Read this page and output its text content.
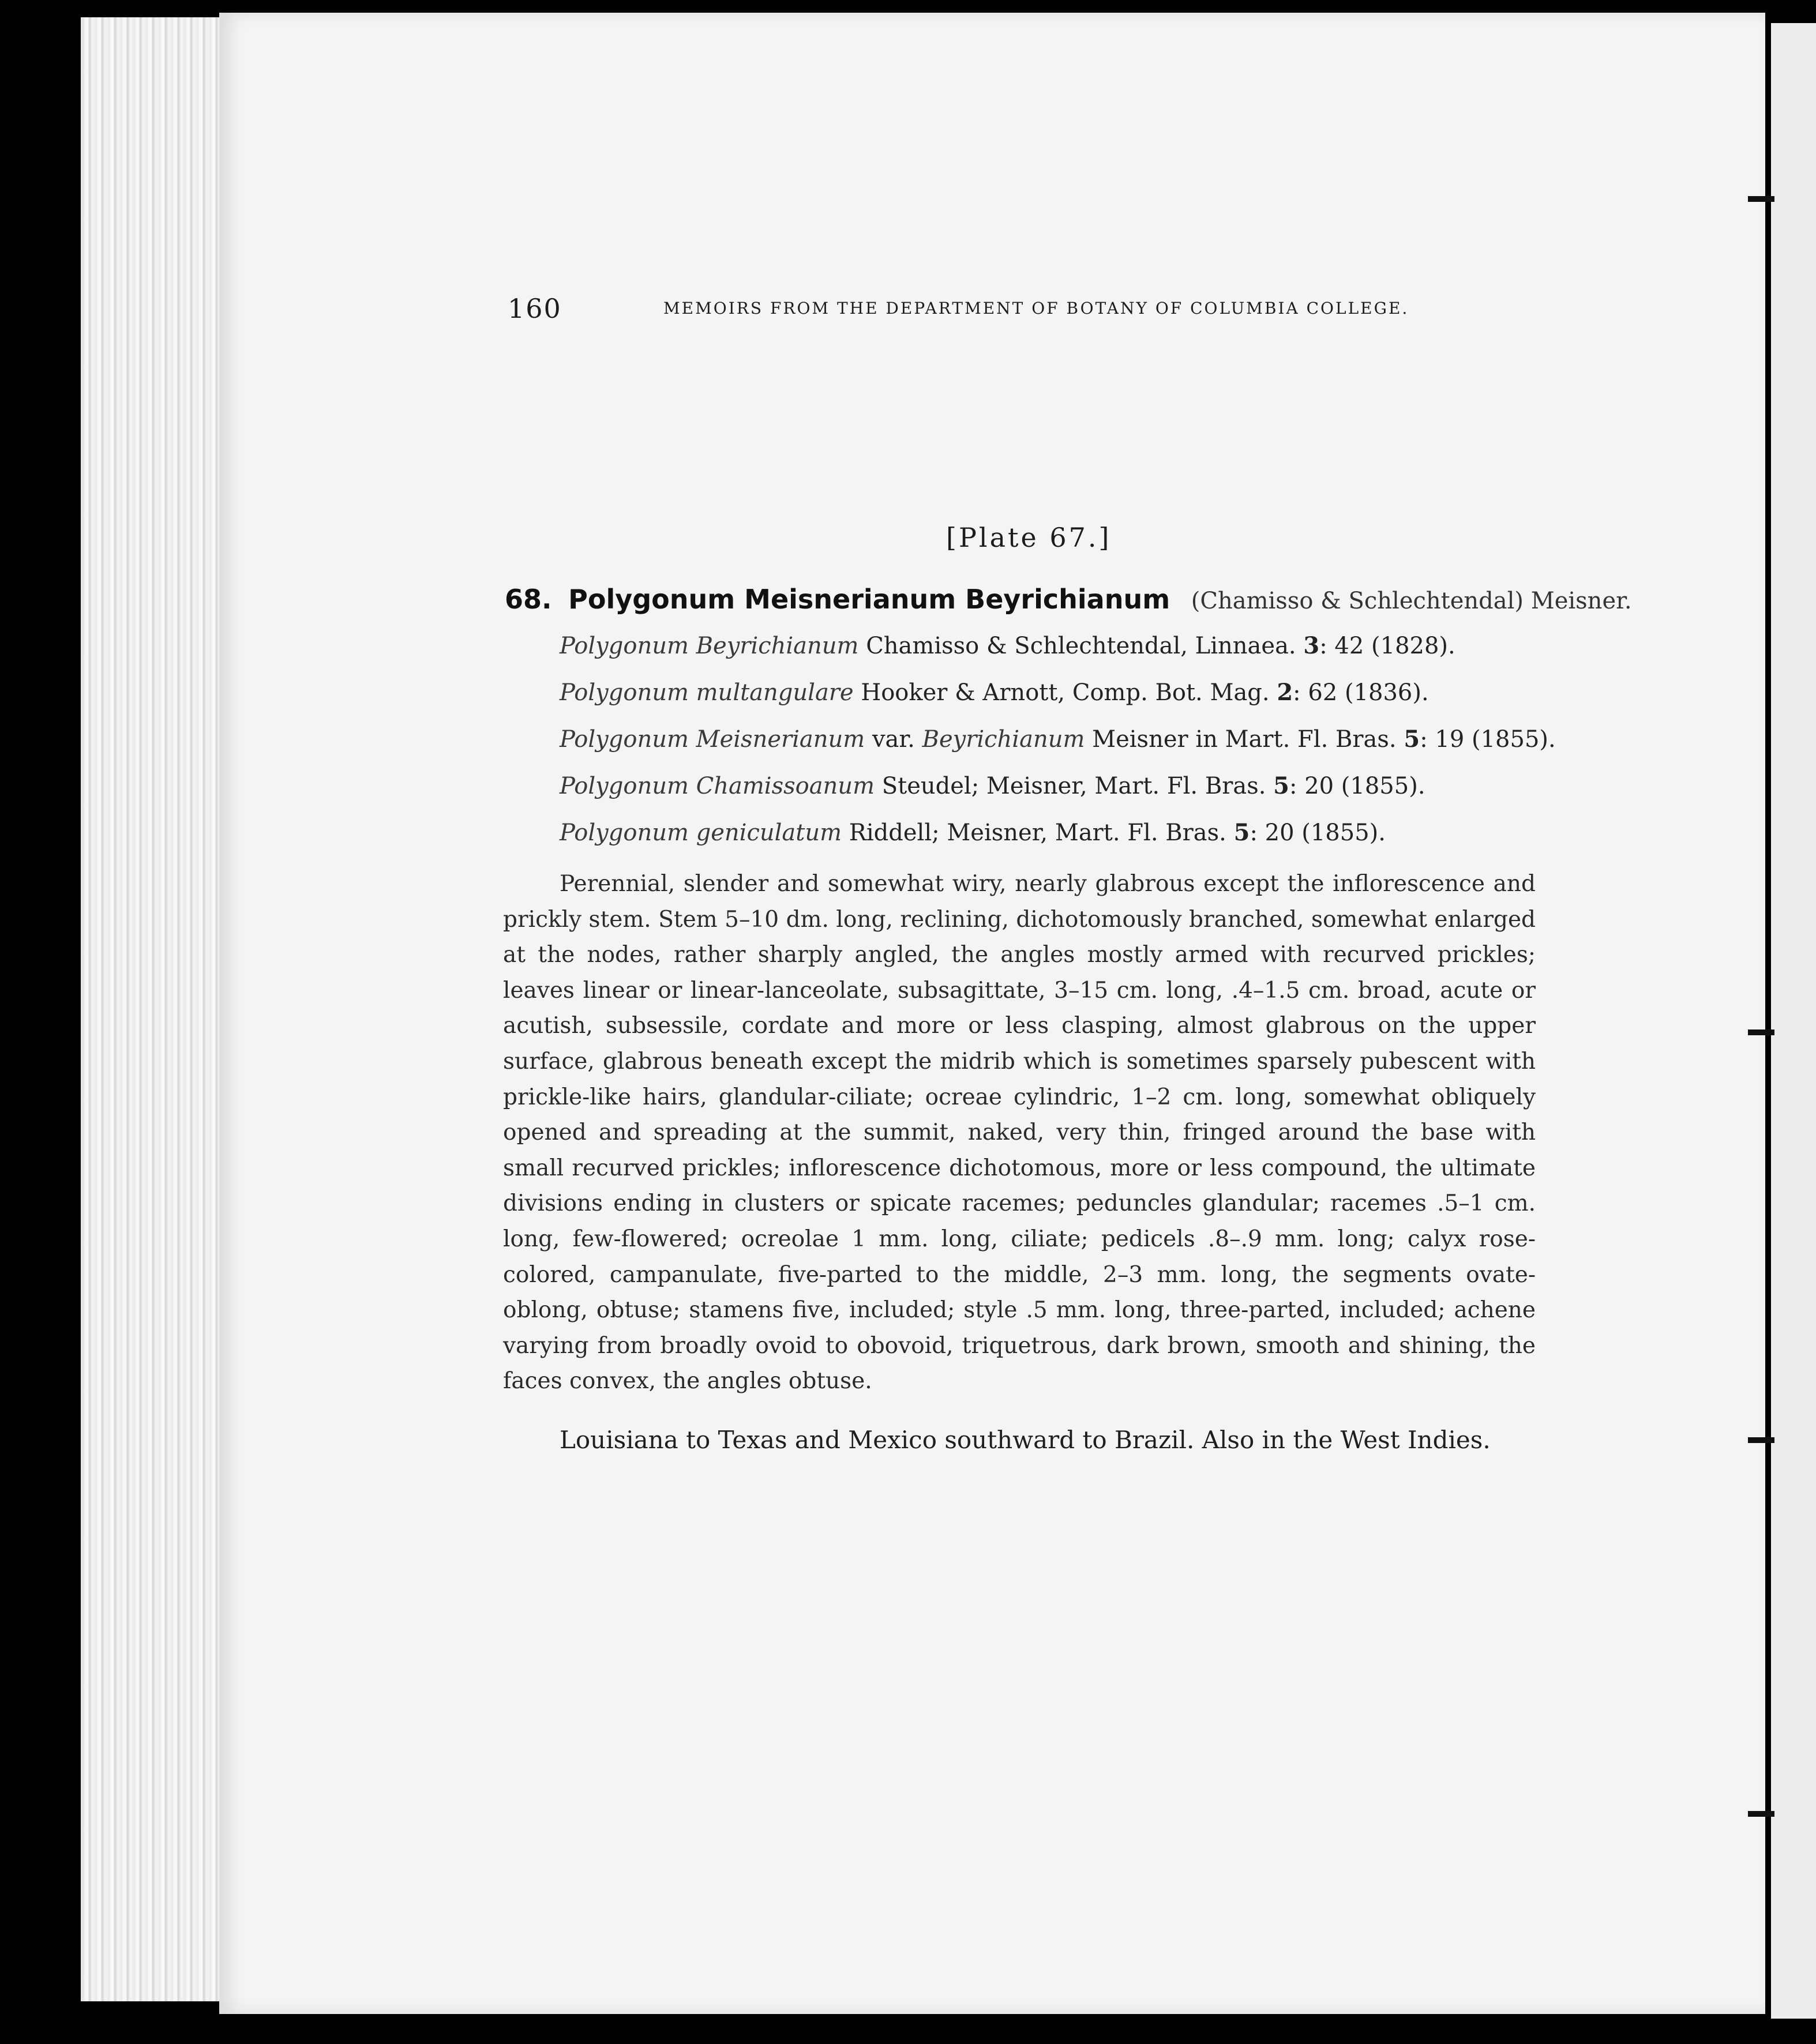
160	MEMOIRS FROM THE DEPARTMENT OF BOTANY OF COLUMBIA COLLEGE.
[Plate 67.]
68. Polygonum Meisnerianum Beyrichianum (Chamisso & Schlechtendal) Meisner.
Polygonum Beyrichianum Chamisso & Schlechtendal, Linnaea. 3: 42 (1828).
Polygonum multangulare Hooker & Arnott, Comp. Bot. Mag. 2: 62 (1836).
Polygonum Meisnerianum var. Beyrichianum Meisner in Mart. Fl. Bras. 5: 19 (1855).
Polygonum Chamissoanum Steudel; Meisner, Mart. Fl. Bras. 5: 20 (1855).
Polygonum geniculatum Riddell; Meisner, Mart. Fl. Bras. 5: 20 (1855).

Perennial, slender and somewhat wiry, nearly glabrous except the inflorescence and prickly stem. Stem 5–10 dm. long, reclining, dichotomously branched, somewhat enlarged at the nodes, rather sharply angled, the angles mostly armed with recurved prickles; leaves linear or linear-lanceolate, subsagittate, 3–15 cm. long, .4–1.5 cm. broad, acute or acutish, subsessile, cordate and more or less clasping, almost glabrous on the upper surface, glabrous beneath except the midrib which is sometimes sparsely pubescent with prickle-like hairs, glandular-ciliate; ocreae cylindric, 1–2 cm. long, somewhat obliquely opened and spreading at the summit, naked, very thin, fringed around the base with small recurved prickles; inflorescence dichotomous, more or less compound, the ultimate divisions ending in clusters or spicate racemes; peduncles glandular; racemes .5–1 cm. long, few-flowered; ocreolae 1 mm. long, ciliate; pedicels .8–.9 mm. long; calyx rose-colored, campanulate, five-parted to the middle, 2–3 mm. long, the segments ovate-oblong, obtuse; stamens five, included; style .5 mm. long, three-parted, included; achene varying from broadly ovoid to obovoid, triquetrous, dark brown, smooth and shining, the faces convex, the angles obtuse.

Louisiana to Texas and Mexico southward to Brazil. Also in the West Indies.
